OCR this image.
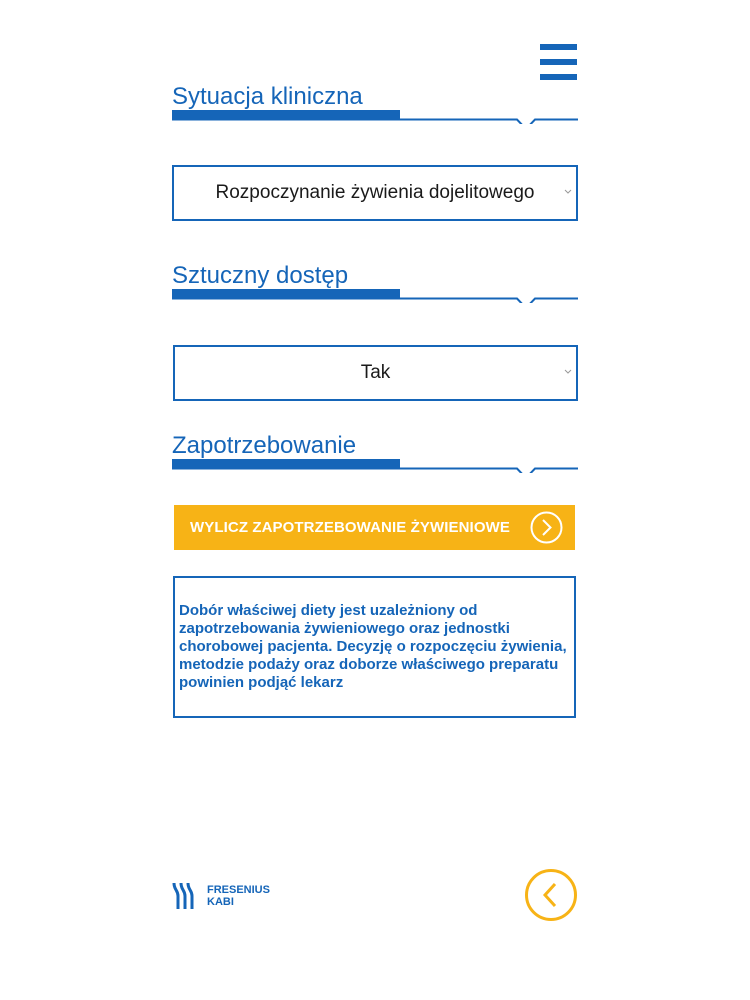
Sytuacja kliniczna
Rozpoczynanie żywienia dojelitowego
Sztuczny dostęp
Tak
Zapotrzebowanie
WYLICZ ZAPOTRZEBOWANIE ŻYWIENIOWE

Dobór właściwej diety jest uzależniony od zapotrzebowania żywieniowego oraz jednostki chorobowej pacjenta. Decyzję o rozpoczęciu żywienia, metodzie podaży oraz doborze właściwego preparatu powinien podjąć lekarz

FRESENIUS
KABI
